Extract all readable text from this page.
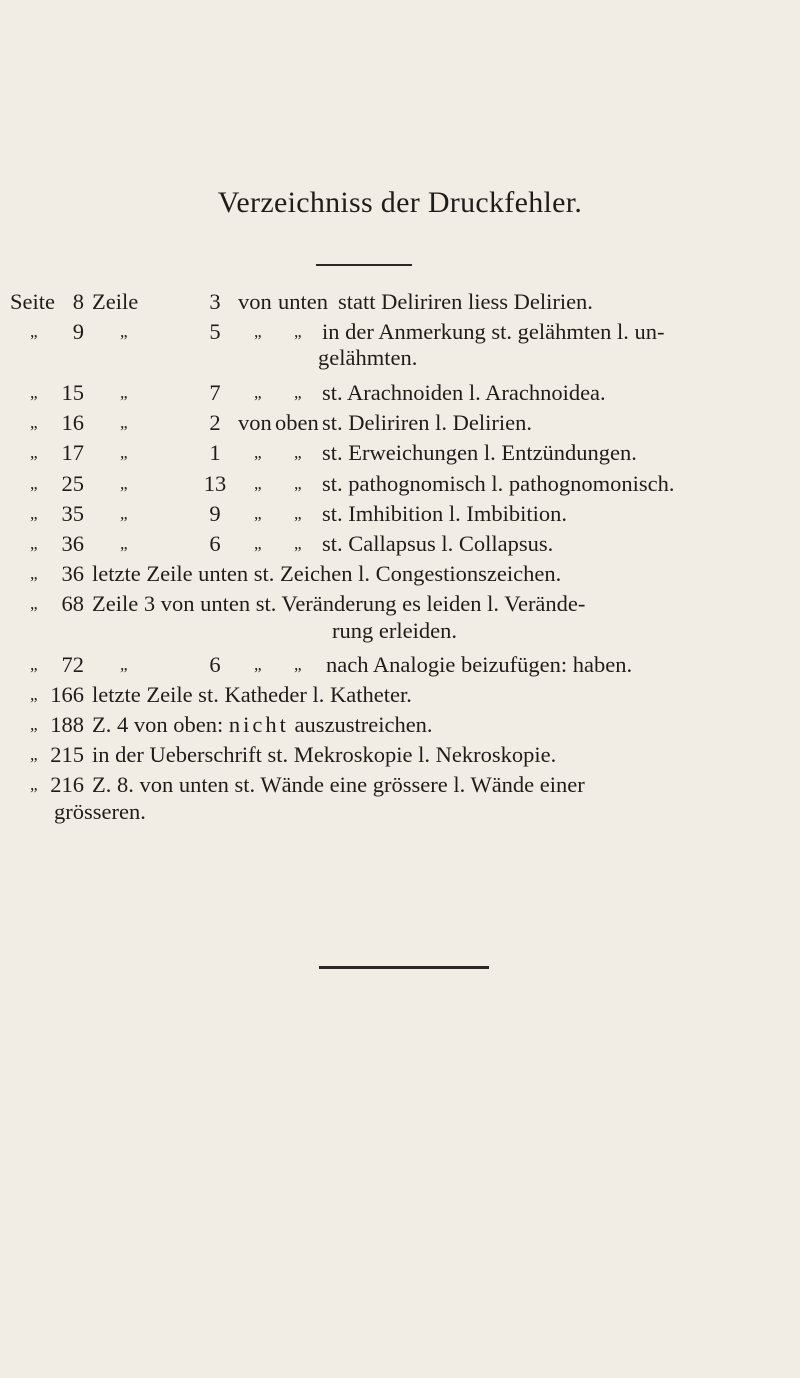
Verzeichniss der Druckfehler.
Seite 8 Zeile	3 von unten statt Deliriren liess Delirien.
„	9 „	5	„ „ in der Anmerkung st. gelähmten l. un-
gelähmten.
„	15 „	7	„ „ st. Arachnoiden l. Arachnoidea.
„	16 „	2 von oben st. Deliriren l. Delirien.
„	17 „	1	„ „ st. Erweichungen l. Entzündungen.
„	25 „	13	„ „ st. pathognomisch l. pathognomonisch.
„	35 „	9	„ „ st. Imhibition l. Imbibition.
„	36 „	6	„ „ st. Callapsus l. Collapsus.
„	36 letzte Zeile unten st. Zeichen l. Congestionszeichen.
„	68 Zeile 3 von unten st. Veränderung es leiden l. Verände-
rung erleiden.
„	72 „	6	„ „ nach Analogie beizufügen: haben.
„ 166 letzte Zeile st. Katheder l. Katheter.
„ 188 Z. 4 von oben: nicht auszustreichen.
„ 215 in der Ueberschrift st. Mekroskopie l. Nekroskopie.
„ 216 Z. 8. von unten st. Wände eine grössere l. Wände einer
grösseren.
